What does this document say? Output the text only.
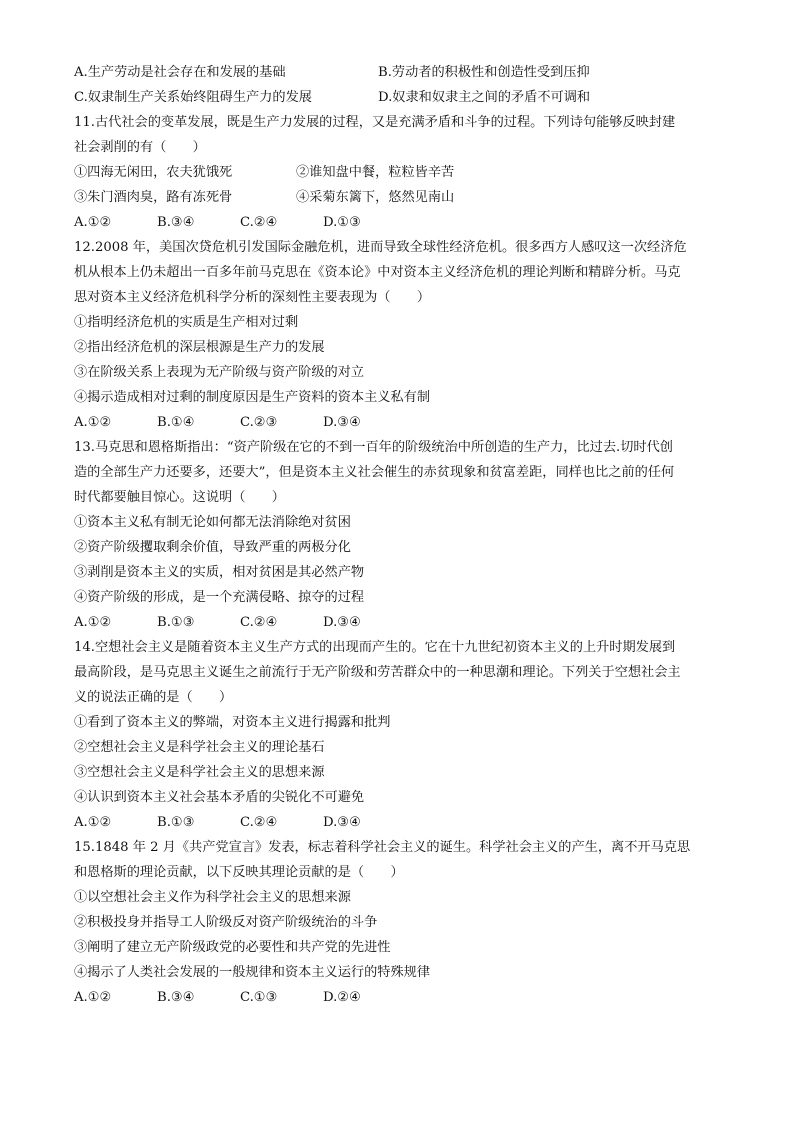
A.生产劳动是社会存在和发展的基础	B.劳动者的积极性和创造性受到压抑
C.奴隶制生产关系始终阻碍生产力的发展	D.奴隶和奴隶主之间的矛盾不可调和
11.古代社会的变革发展，既是生产力发展的过程，又是充满矛盾和斗争的过程。下列诗句能够反映封建
社会剥削的有（　　）
①四海无闲田，农夫犹饿死	②谁知盘中餐，粒粒皆辛苦
③朱门酒肉臭，路有冻死骨	④采菊东篱下，悠然见南山
A.①②	B.③④	C.②④	D.①③
12.2008 年，美国次贷危机引发国际金融危机，进而导致全球性经济危机。很多西方人感叹这一次经济危
机从根本上仍未超出一百多年前马克思在《资本论》中对资本主义经济危机的理论判断和精辟分析。马克
思对资本主义经济危机科学分析的深刻性主要表现为（　　）
①指明经济危机的实质是生产相对过剩
②指出经济危机的深层根源是生产力的发展
③在阶级关系上表现为无产阶级与资产阶级的对立
④揭示造成相对过剩的制度原因是生产资料的资本主义私有制
A.①②	B.①④	C.②③	D.③④
13.马克思和恩格斯指出：“资产阶级在它的不到一百年的阶级统治中所创造的生产力，比过去.切时代创
造的全部生产力还要多，还要大”，但是资本主义社会催生的赤贫现象和贫富差距，同样也比之前的任何
时代都要触目惊心。这说明（　　）
①资本主义私有制无论如何都无法消除绝对贫困
②资产阶级攫取剩余价值，导致严重的两极分化
③剥削是资本主义的实质，相对贫困是其必然产物
④资产阶级的形成，是一个充满侵略、掠夺的过程
A.①②	B.①③	C.②④	D.③④
14.空想社会主义是随着资本主义生产方式的出现而产生的。它在十九世纪初资本主义的上升时期发展到
最高阶段，是马克思主义诞生之前流行于无产阶级和劳苦群众中的一种思潮和理论。下列关于空想社会主
义的说法正确的是（　　）
①看到了资本主义的弊端，对资本主义进行揭露和批判
②空想社会主义是科学社会主义的理论基石
③空想社会主义是科学社会主义的思想来源
④认识到资本主义社会基本矛盾的尖锐化不可避免
A.①②	B.①③	C.②④	D.③④
15.1848 年 2 月《共产党宣言》发表，标志着科学社会主义的诞生。科学社会主义的产生，离不开马克思
和恩格斯的理论贡献，以下反映其理论贡献的是（　　）
①以空想社会主义作为科学社会主义的思想来源
②积极投身并指导工人阶级反对资产阶级统治的斗争
③阐明了建立无产阶级政党的必要性和共产党的先进性
④揭示了人类社会发展的一般规律和资本主义运行的特殊规律
A.①②	B.③④	C.①③	D.②④
